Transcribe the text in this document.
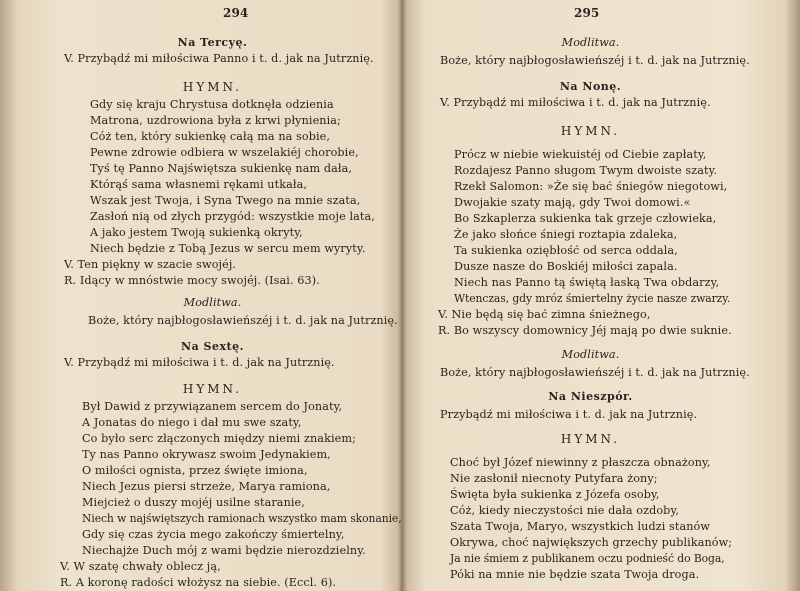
294
Na Tercyę.
V. Przybądź mi miłościwa Panno i t. d. jak na Jutrznię.
HYMN.
Gdy się kraju Chrystusa dotknęła odzienia
Matrona, uzdrowiona była z krwi płynienia;
Cóż ten, który sukienkę całą ma na sobie,
Pewne zdrowie odbiera w wszelakiéj chorobie,
Tyś tę Panno Najświętsza sukienkę nam dała,
Którąś sama własnemi rękami utkała,
Wszak jest Twoja, i Syna Twego na mnie szata,
Zasłoń nią od złych przygód: wszystkie moje lata,
A jako jestem Twoją sukienką okryty,
Niech będzie z Tobą Jezus w sercu mem wyryty.
V. Ten piękny w szacie swojéj.
R. Idący w mnóstwie mocy swojéj. (Isai. 63).
Modlitwa.
Boże, który najbłogosławieńszéj i t. d. jak na Jutrznię.
Na Sextę.
V. Przybądź mi miłościwa i t. d. jak na Jutrznię.
HYMN.
Był Dawid z przywiązanem sercem do Jonaty,
A Jonatas do niego i dał mu swe szaty,
Co było serc złączonych między niemi znakiem;
Ty nas Panno okrywasz swoim Jedynakiem,
O miłości ognista, przez święte imiona,
Niech Jezus piersi strzeże, Marya ramiona,
Miejcież o duszy mojéj usilne staranie,
Niech w najświętszych ramionach wszystko mam skonanie,
Gdy się czas życia mego zakończy śmiertelny,
Niechajże Duch mój z wami będzie nierozdzielny.
V. W szatę chwały oblecz ją,
R. A koronę radości włożysz na siebie. (Eccl. 6).
295
Modlitwa.
Boże, który najbłogosławieńszéj i t. d. jak na Jutrznię.
Na Nonę.
V. Przybądź mi miłościwa i t. d. jak na Jutrznię.
HYMN.
Prócz w niebie wiekuistéj od Ciebie zapłaty,
Rozdajesz Panno sługom Twym dwoiste szaty.
Rzekł Salomon: »Że się bać śniegów niegotowi,
Dwojakie szaty mają, gdy Twoi domowi.«
Bo Szkaplerza sukienka tak grzeje człowieka,
Że jako słońce śniegi roztapia zdaleka,
Ta sukienka oziębłość od serca oddala,
Dusze nasze do Boskiéj miłości zapala.
Niech nas Panno tą świętą łaską Twa obdarzy,
Wtenczas, gdy mróz śmiertelny życie nasze zwarzy.
V. Nie będą się bać zimna śnieżnego,
R. Bo wszyscy domownicy Jéj mają po dwie suknie.
Modlitwa.
Boże, który najbłogosławieńszéj i t. d. jak na Jutrznię.
Na Nieszpór.
Przybądź mi miłościwa i t. d. jak na Jutrznię.
HYMN.
Choć był Józef niewinny z płaszcza obnażony,
Nie zasłonił niecnoty Putyfara żony;
Święta była sukienka z Józefa osoby,
Cóż, kiedy nieczystości nie dała ozdoby,
Szata Twoja, Maryo, wszystkich ludzi stanów
Okrywa, choć największych grzechy publikanów;
Ja nie śmiem z publikanem oczu podnieść do Boga,
Póki na mnie nie będzie szata Twoja droga.
